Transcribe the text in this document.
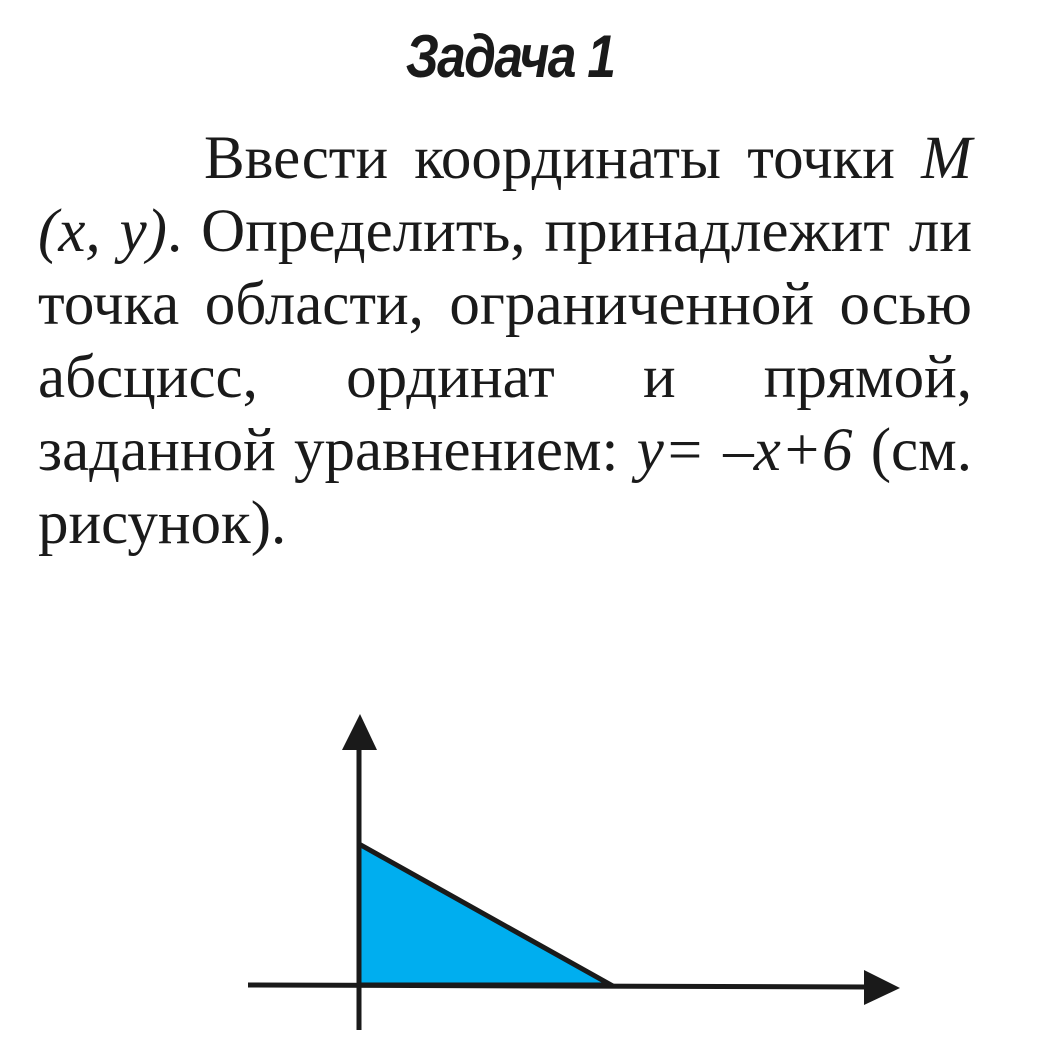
Задача 1

Ввести координаты точки M (x, y). Определить, принадлежит ли точка области, ограниченной осью абсцисс, ординат и прямой, заданной уравнением: y= –x+6 (см. рисунок).
